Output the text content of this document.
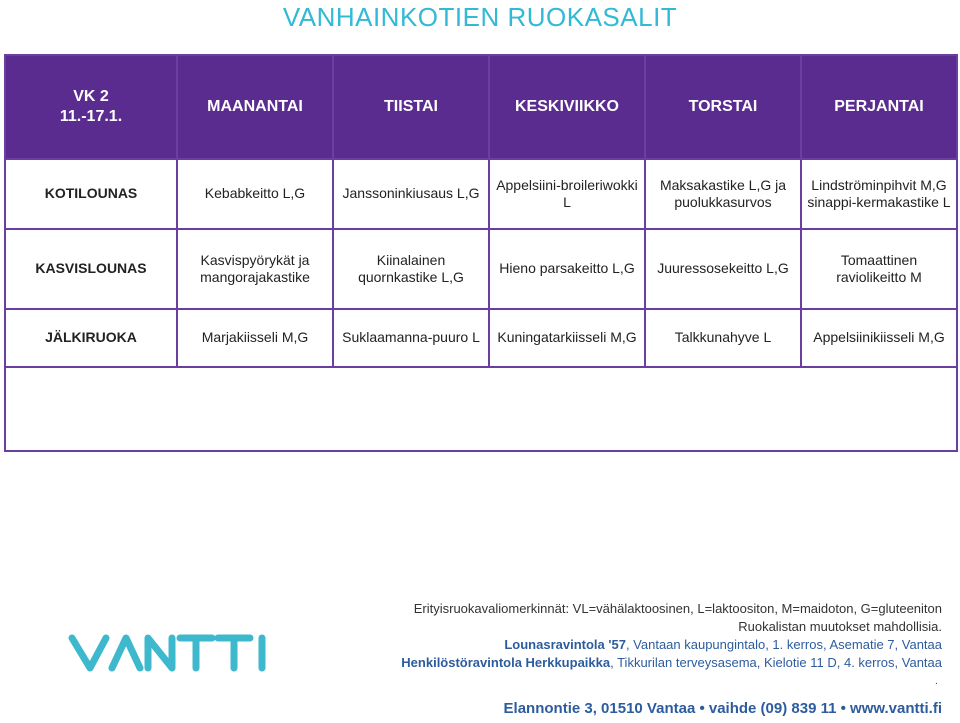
VANHAINKOTIEN RUOKASALIT
VK 2
11.-17.1.	MAANANTAI	TIISTAI	KESKIVIIKKO	TORSTAI	PERJANTAI
KOTILOUNAS	Kebabkeitto L,G	Janssoninkiusaus L,G	Appelsiini-broileriwokki L	Maksakastike L,G ja puolukkasurvos	Lindströminpihvit M,G sinappi-kermakastike L
KASVISLOUNAS	Kasvispyörykät ja mangorajakastike	Kiinalainen quornkastike L,G	Hieno parsakeitto L,G	Juuressosekeitto L,G	Tomaattinen raviolikeitto M
JÄLKIRUOKA	Marjakiisseli M,G	Suklaamanna-puuro L	Kuningatarkiisseli M,G	Talkkunahyve L	Appelsiinikiisseli M,G

Erityisruokavaliomerkinnät: VL=vähälaktoosinen, L=laktoositon, M=maidoton, G=gluteeniton
Ruokalistan muutokset mahdollisia.
Lounasravintola '57, Vantaan kaupungintalo, 1. kerros, Asematie 7, Vantaa
Henkilöstöravintola Herkkupaikka, Tikkurilan terveysasema, Kielotie 11 D, 4. kerros, Vantaa
.
Elannontie 3, 01510 Vantaa • vaihde (09) 839 11 • www.vantti.fi
